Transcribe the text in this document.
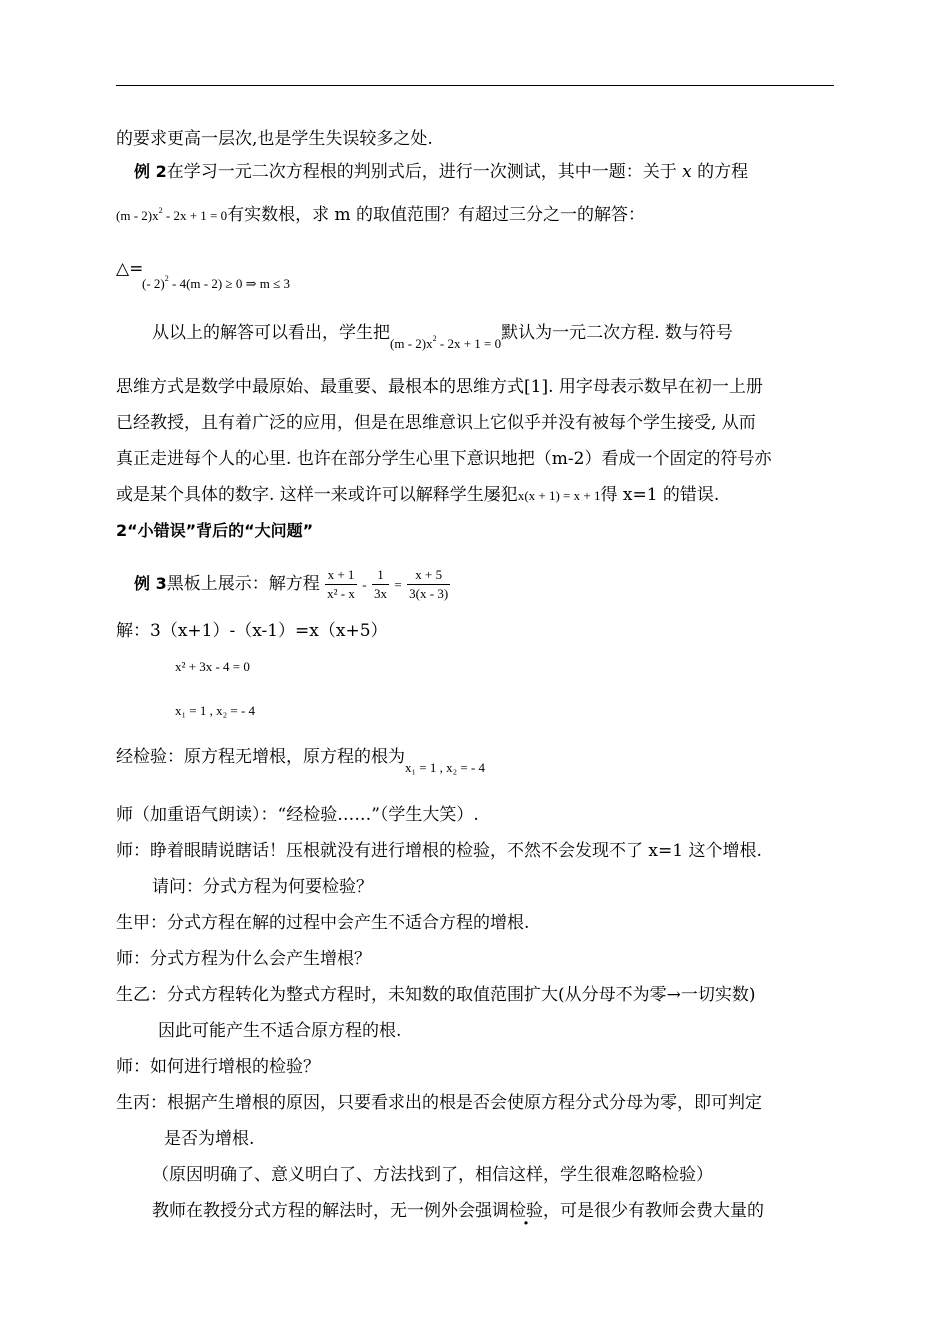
的要求更高一层次,也是学生失误较多之处.
例 2在学习一元二次方程根的判别式后，进行一次测试，其中一题：关于 x 的方程
$(m - 2)x^2 - 2x + 1 = 0$有实数根，求 m 的取值范围？有超过三分之一的解答：
△=
(- 2)$^2$ - 4(m - 2) ≥ 0 ⇒ m ≤ 3
从以上的解答可以看出，学生把$_{(m - 2)x^2 - 2x + 1 = 0}$默认为一元二次方程. 数与符号
思维方式是数学中最原始、最重要、最根本的思维方式[1]. 用字母表示数早在初一上册
已经教授，且有着广泛的应用，但是在思维意识上它似乎并没有被每个学生接受, 从而
真正走进每个人的心里. 也许在部分学生心里下意识地把（m-2）看成一个固定的符号亦
或是某个具体的数字. 这样一来或许可以解释学生屡犯x(x + 1) = x + 1得 x=1 的错误.
2“小错误”背后的“大问题”
例 3黑板上展示：解方程 $\frac{x + 1}{\text{x² - x}} - \frac{1}{3x} = \frac{x + 5}{3(x - 3)}$
解：3（x+1）-（x-1）=x（x+5）
x² + 3x - 4 = 0
x₁ = 1 , x₂ = - 4
经检验：原方程无增根，原方程的根为$_{x_1 = 1 , x_2 = - 4}$
师（加重语气朗读）：“经检验……”（学生大笑）.
师：睁着眼睛说瞎话！压根就没有进行增根的检验，不然不会发现不了 x=1 这个增根.
请问：分式方程为何要检验？
生甲：分式方程在解的过程中会产生不适合方程的增根.
师：分式方程为什么会产生增根？
生乙：分式方程转化为整式方程时，未知数的取值范围扩大(从分母不为零→一切实数)
因此可能产生不适合原方程的根.
师：如何进行增根的检验？
生丙：根据产生增根的原因，只要看求出的根是否会使原方程分式分母为零，即可判定
是否为增根.
（原因明确了、意义明白了、方法找到了，相信这样，学生很难忽略检验）
教师在教授分式方程的解法时，无一例外会强调检验，可是很少有教师会费大量的
